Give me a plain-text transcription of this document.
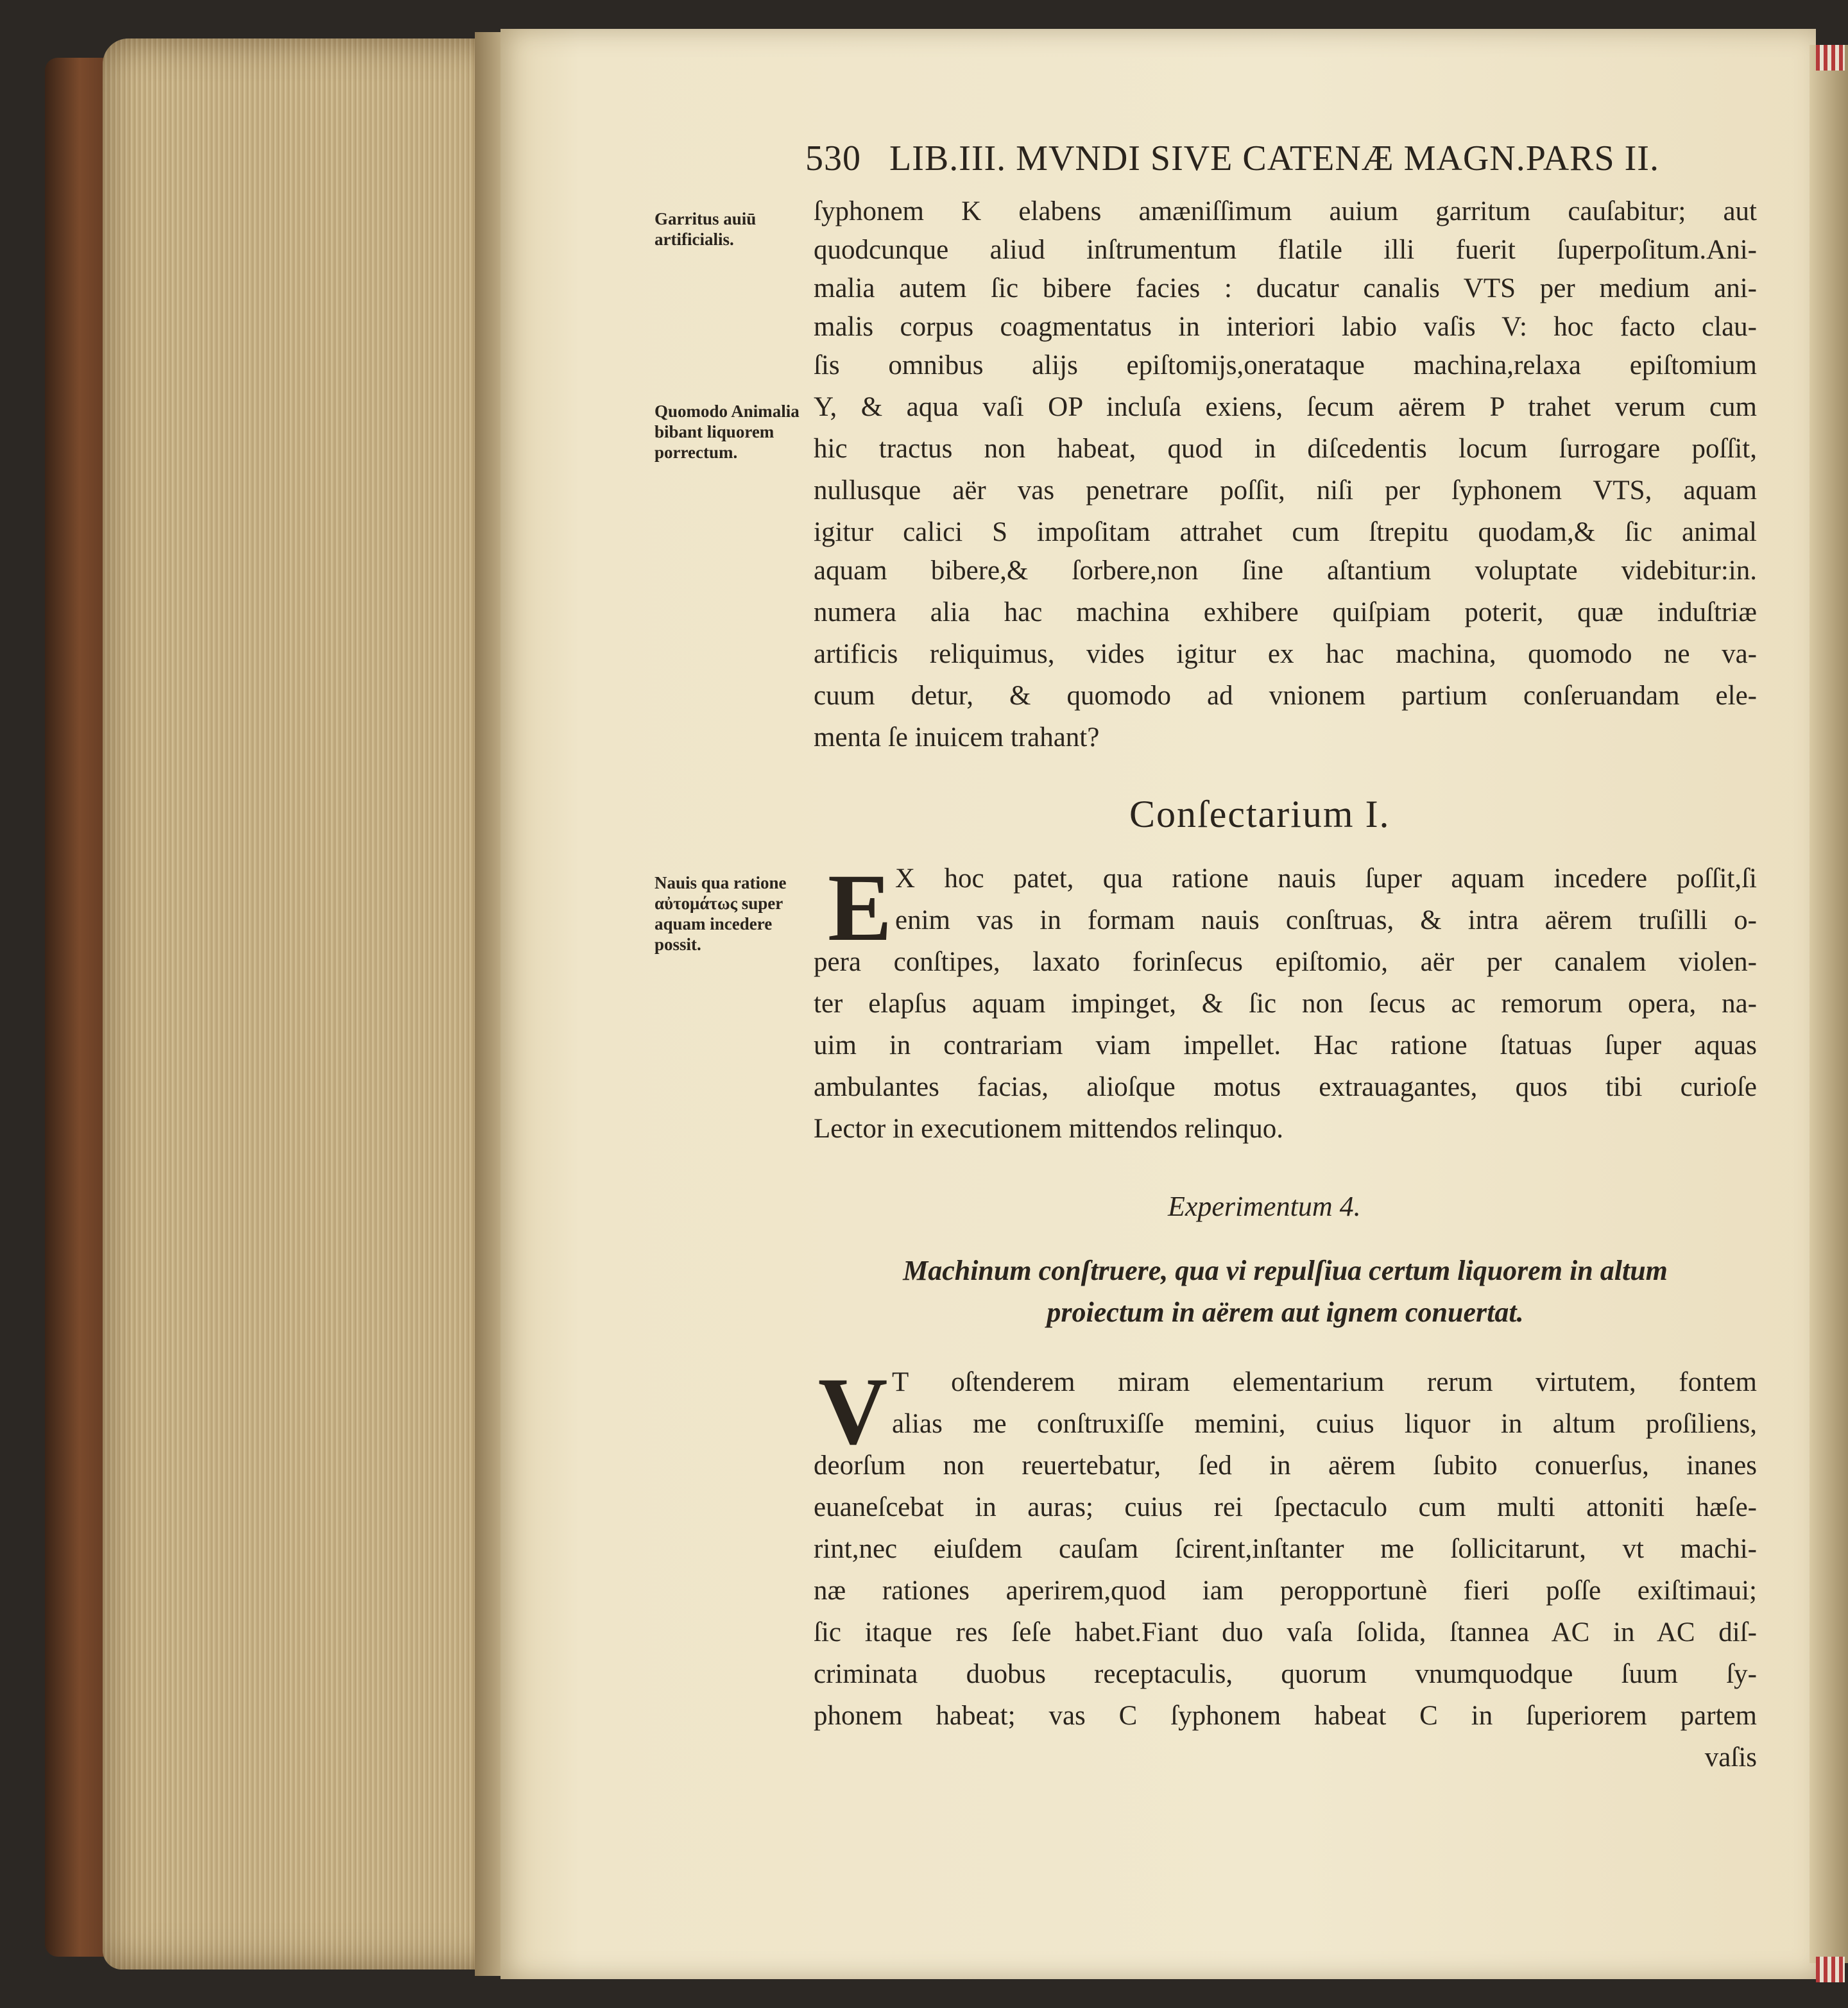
530 LIB.III. MVNDI SIVE CATENÆ MAGN.PARS II.
Garritus auiū artificialis.
Quomodo Animalia bibant liquorem porrectum.
Nauis qua ratione αὐτομάτως super aquam incedere possit.
ſyphonem K elabens amæniſſimum auium garritum cauſabitur; aut
quodcunque aliud inſtrumentum flatile illi fuerit ſuperpoſitum.Ani-
malia autem ſic bibere facies : ducatur canalis VTS per medium ani-
malis corpus coagmentatus in interiori labio vaſis V: hoc facto clau-
ſis omnibus alijs epiſtomijs,onerataque machina,relaxa epiſtomium
Y, & aqua vaſi OP incluſa exiens, ſecum aërem P trahet verum cum
hic tractus non habeat, quod in diſcedentis locum ſurrogare poſſit,
nullusque aër vas penetrare poſſit, niſi per ſyphonem VTS, aquam
igitur calici S impoſitam attrahet cum ſtrepitu quodam,& ſic animal
aquam bibere,& ſorbere,non ſine aſtantium voluptate videbitur:in.
numera alia hac machina exhibere quiſpiam poterit, quæ induſtriæ
artificis reliquimus, vides igitur ex hac machina, quomodo ne va-
cuum detur, & quomodo ad vnionem partium conſeruandam ele-
menta ſe inuicem trahant?
Conſectarium I.
E X hoc patet, qua ratione nauis ſuper aquam incedere poſſit,ſi
enim vas in formam nauis conſtruas, & intra aërem truſilli o-
pera conſtipes, laxato forinſecus epiſtomio, aër per canalem violen-
ter elapſus aquam impinget, & ſic non ſecus ac remorum opera, na-
uim in contrariam viam impellet. Hac ratione ſtatuas ſuper aquas
ambulantes facias, alioſque motus extrauagantes, quos tibi curioſe
Lector in executionem mittendos relinquo.
Experimentum 4.
Machinum conſtruere, qua vi repulſiua certum liquorem in altum
proiectum in aërem aut ignem conuertat.
V T oſtenderem miram elementarium rerum virtutem, fontem
alias me conſtruxiſſe memini, cuius liquor in altum proſiliens,
deorſum non reuertebatur, ſed in aërem ſubito conuerſus, inanes
euaneſcebat in auras; cuius rei ſpectaculo cum multi attoniti hæſe-
rint,nec eiuſdem cauſam ſcirent,inſtanter me ſollicitarunt, vt machi-
næ rationes aperirem,quod iam peropportunè fieri poſſe exiſtimaui;
ſic itaque res ſeſe habet.Fiant duo vaſa ſolida, ſtannea AC in AC diſ-
criminata duobus receptaculis, quorum vnumquodque ſuum ſy-
phonem habeat; vas C ſyphonem habeat C in ſuperiorem partem
vaſis
